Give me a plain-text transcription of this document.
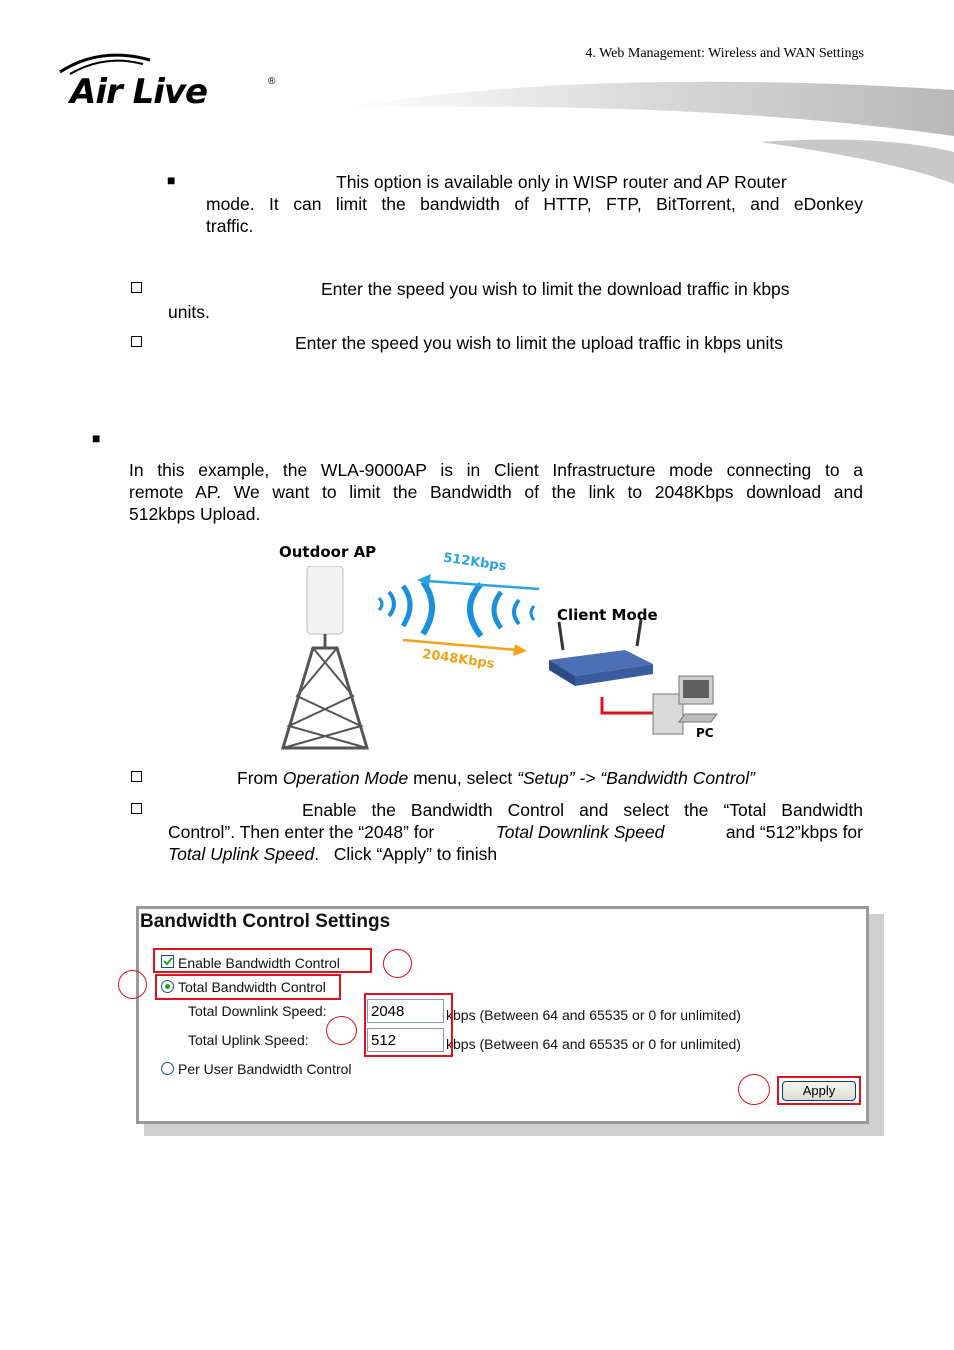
4. Web Management: Wireless and WAN Settings
Air Live	®
■	This option is available only in WISP router and AP Router
mode. It can limit the bandwidth of HTTP, FTP, BitTorrent, and eDonkey
traffic.
Enter the speed you wish to limit the download traffic in kbps
units.
Enter the speed you wish to limit the upload traffic in kbps units
■
In this example, the WLA-9000AP is in Client Infrastructure mode connecting to a
remote AP. We want to limit the Bandwidth of the link to 2048Kbps download and
512kbps Upload.
Outdoor AP	512Kbps
2048Kbps
Client Mode
PC
From Operation Mode menu, select “Setup” -> “Bandwidth Control”
Enable the Bandwidth Control and select the “Total Bandwidth
Control”. Then enter the “2048” for	Total Downlink Speed	and “512”kbps for
Total Uplink Speed.   Click “Apply” to finish
Bandwidth Control Settings
Enable Bandwidth Control
Total Bandwidth Control
Total Downlink Speed:
2048	kbps (Between 64 and 65535 or 0 for unlimited)
Total Uplink Speed:
512	kbps (Between 64 and 65535 or 0 for unlimited)
Per User Bandwidth Control
Apply
